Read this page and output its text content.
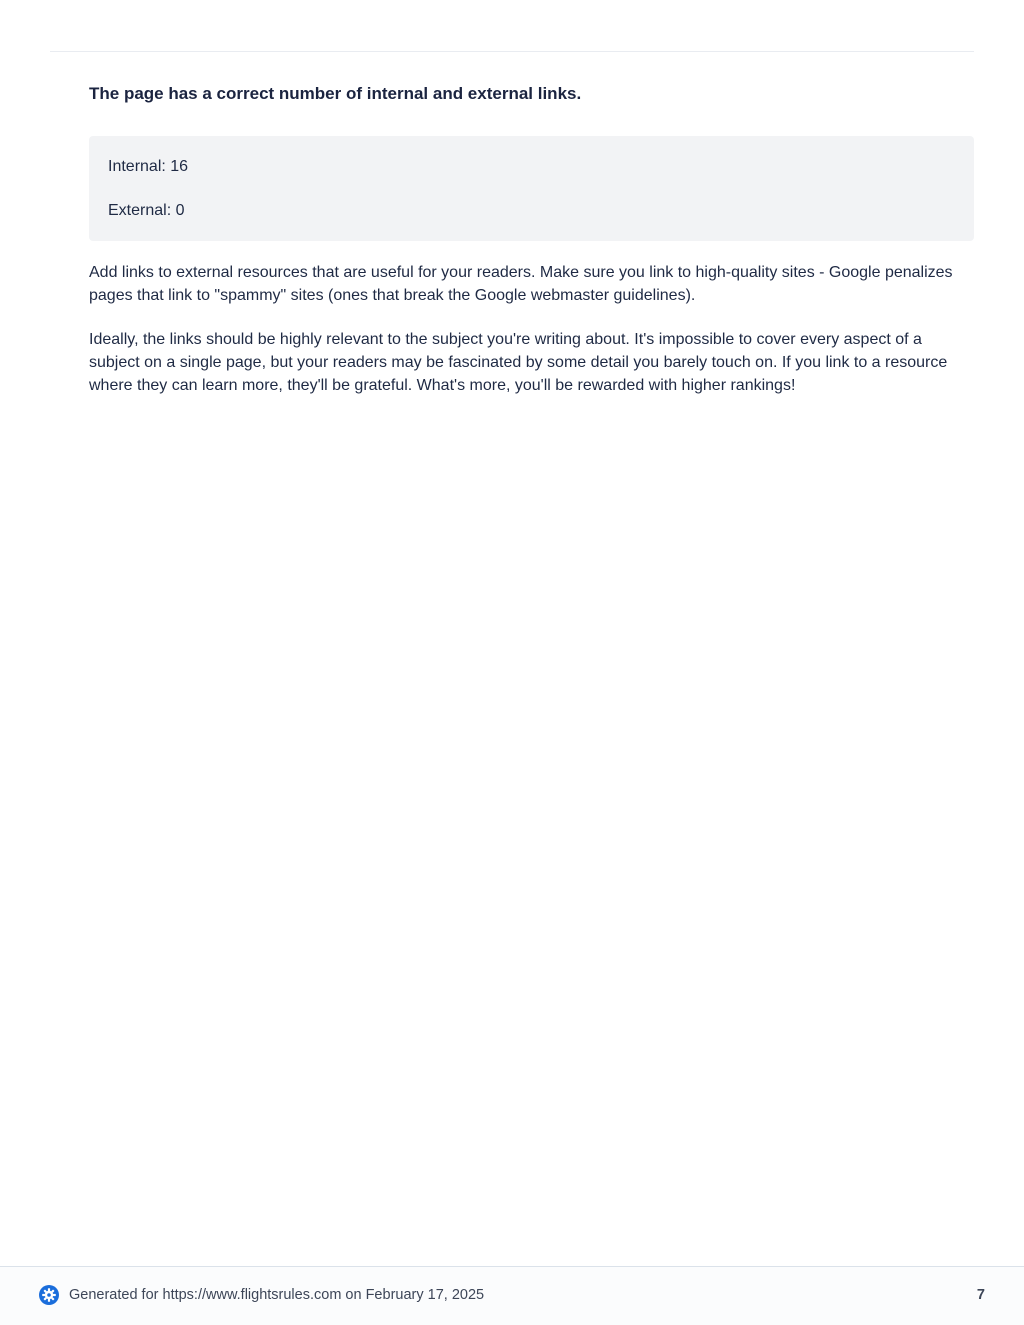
The page has a correct number of internal and external links.

Internal: 16

External: 0

Add links to external resources that are useful for your readers. Make sure you link to high-quality sites - Google penalizes pages that link to "spammy" sites (ones that break the Google webmaster guidelines).

Ideally, the links should be highly relevant to the subject you're writing about. It's impossible to cover every aspect of a subject on a single page, but your readers may be fascinated by some detail you barely touch on. If you link to a resource where they can learn more, they'll be grateful. What's more, you'll be rewarded with higher rankings!

Generated for https://www.flightsrules.com on February 17, 2025	7
